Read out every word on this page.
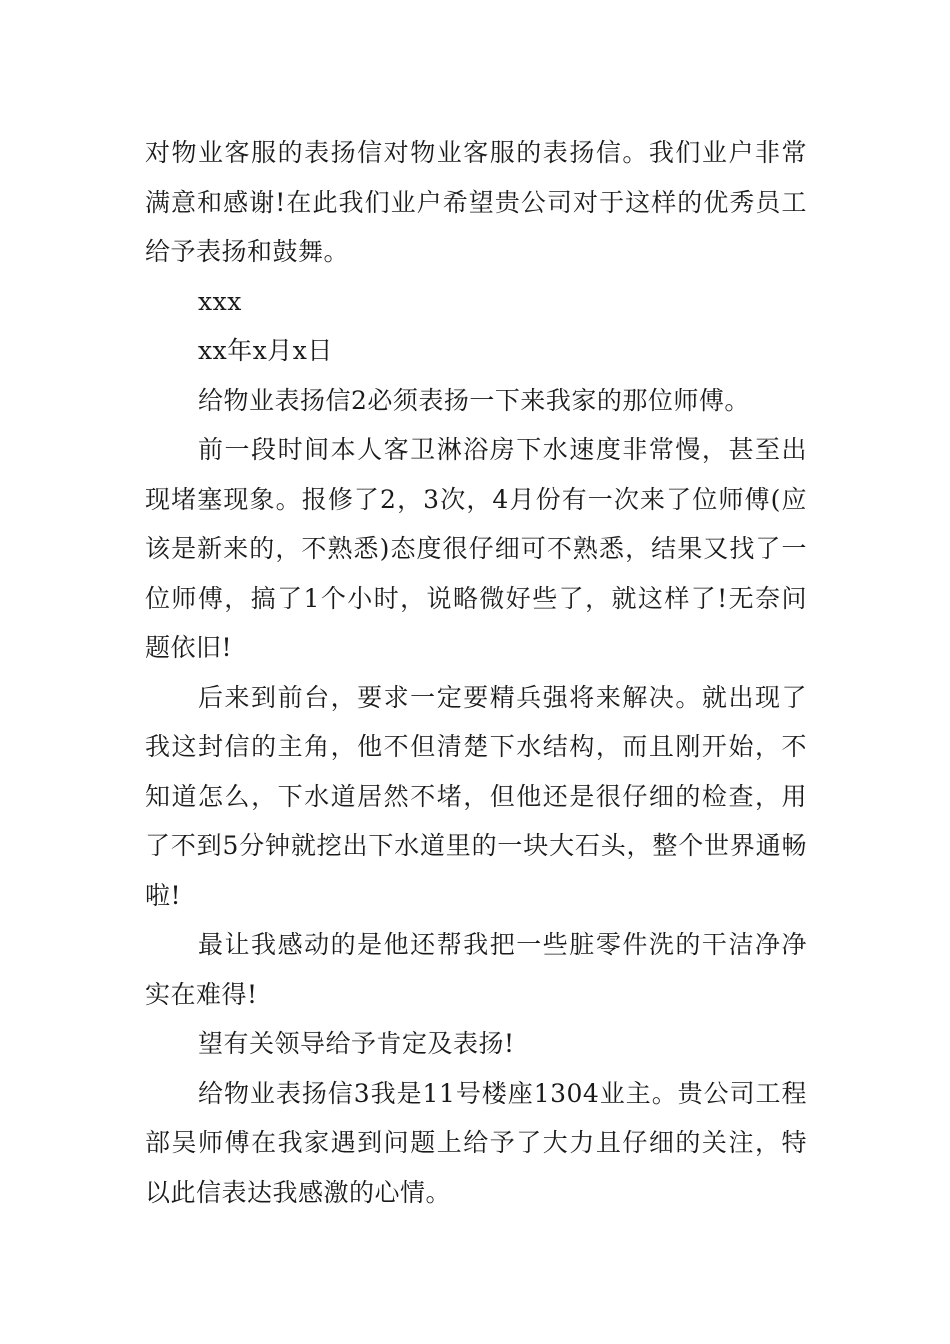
对物业客服的表扬信对物业客服的表扬信。我们业户非常满意和感谢!在此我们业户希望贵公司对于这样的优秀员工给予表扬和鼓舞。

xxx

xx年x月x日

给物业表扬信2必须表扬一下来我家的那位师傅。

前一段时间本人客卫淋浴房下水速度非常慢，甚至出现堵塞现象。报修了2，3次，4月份有一次来了位师傅(应该是新来的，不熟悉)态度很仔细可不熟悉，结果又找了一位师傅，搞了1个小时，说略微好些了，就这样了!无奈问题依旧!

后来到前台，要求一定要精兵强将来解决。就出现了我这封信的主角，他不但清楚下水结构，而且刚开始，不知道怎么，下水道居然不堵，但他还是很仔细的检查，用了不到5分钟就挖出下水道里的一块大石头，整个世界通畅啦!

最让我感动的是他还帮我把一些脏零件洗的干洁净净实在难得!

望有关领导给予肯定及表扬!

给物业表扬信3我是11号楼座1304业主。贵公司工程部吴师傅在我家遇到问题上给予了大力且仔细的关注，特以此信表达我感激的心情。
